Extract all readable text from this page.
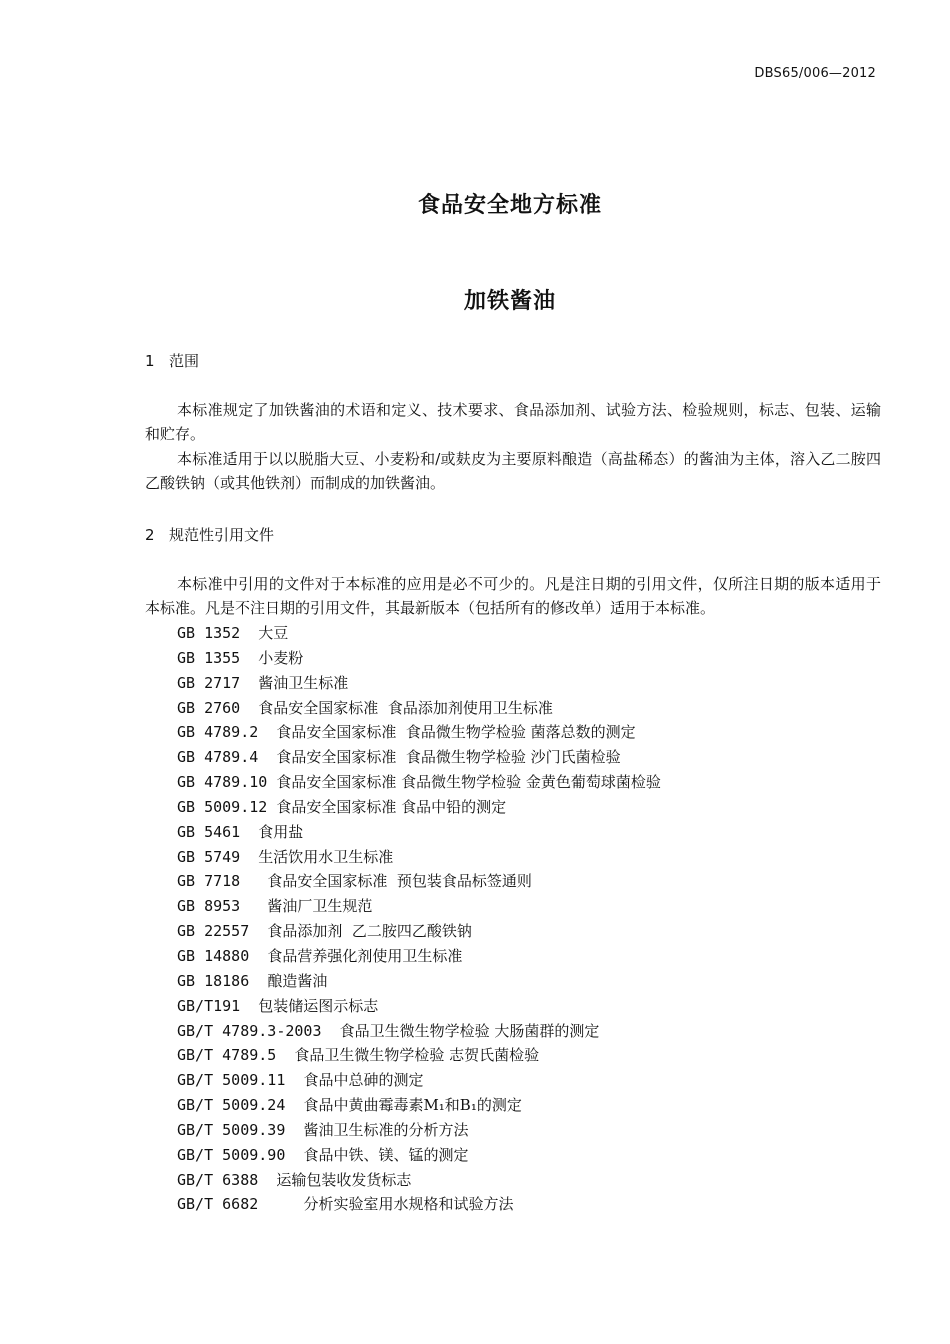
DBS65/006—2012
食品安全地方标准
加铁酱油
1 范围
本标准规定了加铁酱油的术语和定义、技术要求、食品添加剂、试验方法、检验规则，标志、包装、运输和贮存。
本标准适用于以以脱脂大豆、小麦粉和/或麸皮为主要原料酿造（高盐稀态）的酱油为主体，溶入乙二胺四乙酸铁钠（或其他铁剂）而制成的加铁酱油。
2 规范性引用文件
本标准中引用的文件对于本标准的应用是必不可少的。凡是注日期的引用文件，仅所注日期的版本适用于本标准。凡是不注日期的引用文件，其最新版本（包括所有的修改单）适用于本标准。
GB 1352  大豆
GB 1355  小麦粉
GB 2717  酱油卫生标准
GB 2760  食品安全国家标准  食品添加剂使用卫生标准
GB 4789.2  食品安全国家标准  食品微生物学检验 菌落总数的测定
GB 4789.4  食品安全国家标准  食品微生物学检验 沙门氏菌检验
GB 4789.10 食品安全国家标准 食品微生物学检验 金黄色葡萄球菌检验
GB 5009.12 食品安全国家标准 食品中铅的测定
GB 5461  食用盐
GB 5749  生活饮用水卫生标准
GB 7718   食品安全国家标准  预包装食品标签通则
GB 8953   酱油厂卫生规范
GB 22557  食品添加剂  乙二胺四乙酸铁钠
GB 14880  食品营养强化剂使用卫生标准
GB 18186  酿造酱油
GB/T191  包装储运图示标志
GB/T 4789.3-2003  食品卫生微生物学检验 大肠菌群的测定
GB/T 4789.5  食品卫生微生物学检验 志贺氏菌检验
GB/T 5009.11  食品中总砷的测定
GB/T 5009.24  食品中黄曲霉毒素M₁和B₁的测定
GB/T 5009.39  酱油卫生标准的分析方法
GB/T 5009.90  食品中铁、镁、锰的测定
GB/T 6388  运输包装收发货标志
GB/T 6682     分析实验室用水规格和试验方法
